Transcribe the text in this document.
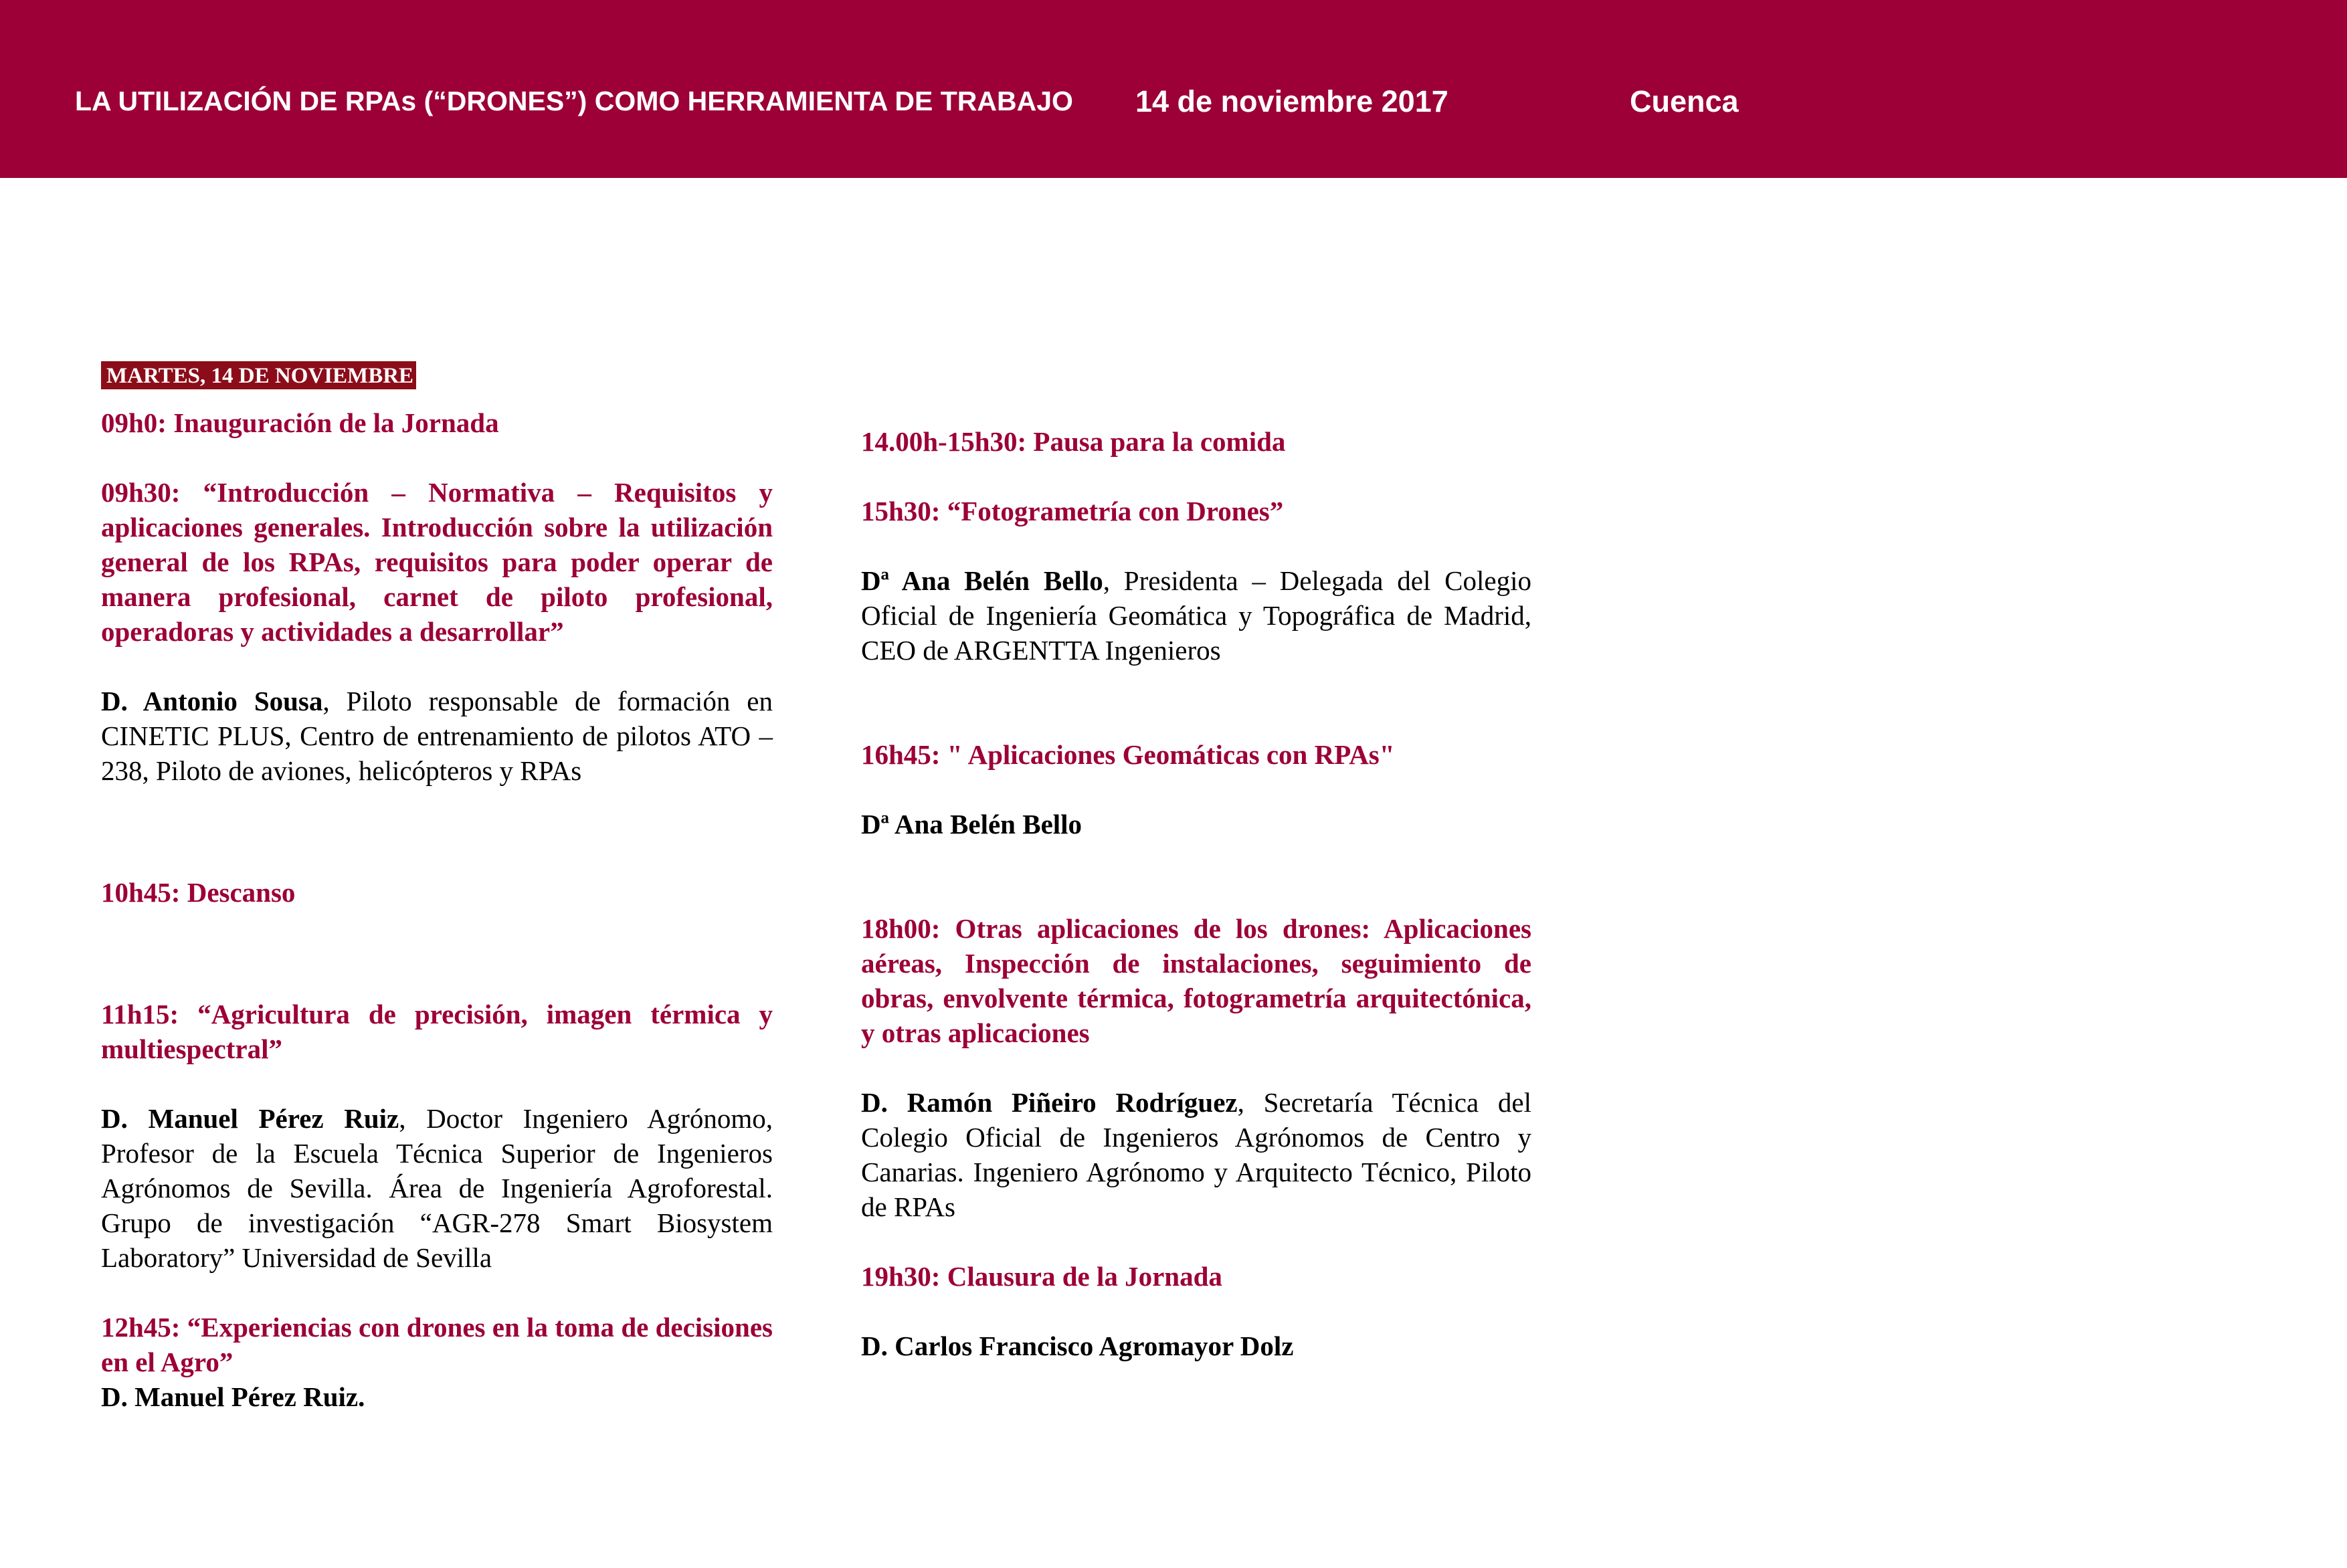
LA UTILIZACIÓN DE RPAs (“DRONES”) COMO HERRAMIENTA DE TRABAJO 14 de noviembre 2017	Cuenca
MARTES, 14 DE NOVIEMBRE

09h0: Inauguración de la Jornada

09h30: “Introducción – Normativa – Requisitos y aplicaciones generales. Introducción sobre la utilización general de los RPAs, requisitos para poder operar de manera profesional, carnet de piloto profesional, operadoras y actividades a desarrollar”

D. Antonio Sousa, Piloto responsable de formación en CINETIC PLUS, Centro de entrenamiento de pilotos ATO – 238, Piloto de aviones, helicópteros y RPAs

10h45: Descanso

11h15: “Agricultura de precisión, imagen térmica y multiespectral”

D. Manuel Pérez Ruiz, Doctor Ingeniero Agrónomo, Profesor de la Escuela Técnica Superior de Ingenieros Agrónomos de Sevilla. Área de Ingeniería Agroforestal. Grupo de investigación “AGR-278 Smart Biosystem Laboratory” Universidad de Sevilla

12h45: “Experiencias con drones en la toma de decisiones en el Agro”

D. Manuel Pérez Ruiz.

14.00h-15h30: Pausa para la comida

15h30: “Fotogrametría con Drones”

Dª Ana Belén Bello, Presidenta – Delegada del Colegio Oficial de Ingeniería Geomática y Topográfica de Madrid, CEO de ARGENTTA Ingenieros

16h45: " Aplicaciones Geomáticas con RPAs"

Dª Ana Belén Bello

18h00: Otras aplicaciones de los drones: Aplicaciones aéreas, Inspección de instalaciones, seguimiento de obras, envolvente térmica, fotogrametría arquitectónica, y otras aplicaciones

D. Ramón Piñeiro Rodríguez, Secretaría Técnica del Colegio Oficial de Ingenieros Agrónomos de Centro y Canarias. Ingeniero Agrónomo y Arquitecto Técnico, Piloto de RPAs

19h30: Clausura de la Jornada

D. Carlos Francisco Agromayor Dolz
